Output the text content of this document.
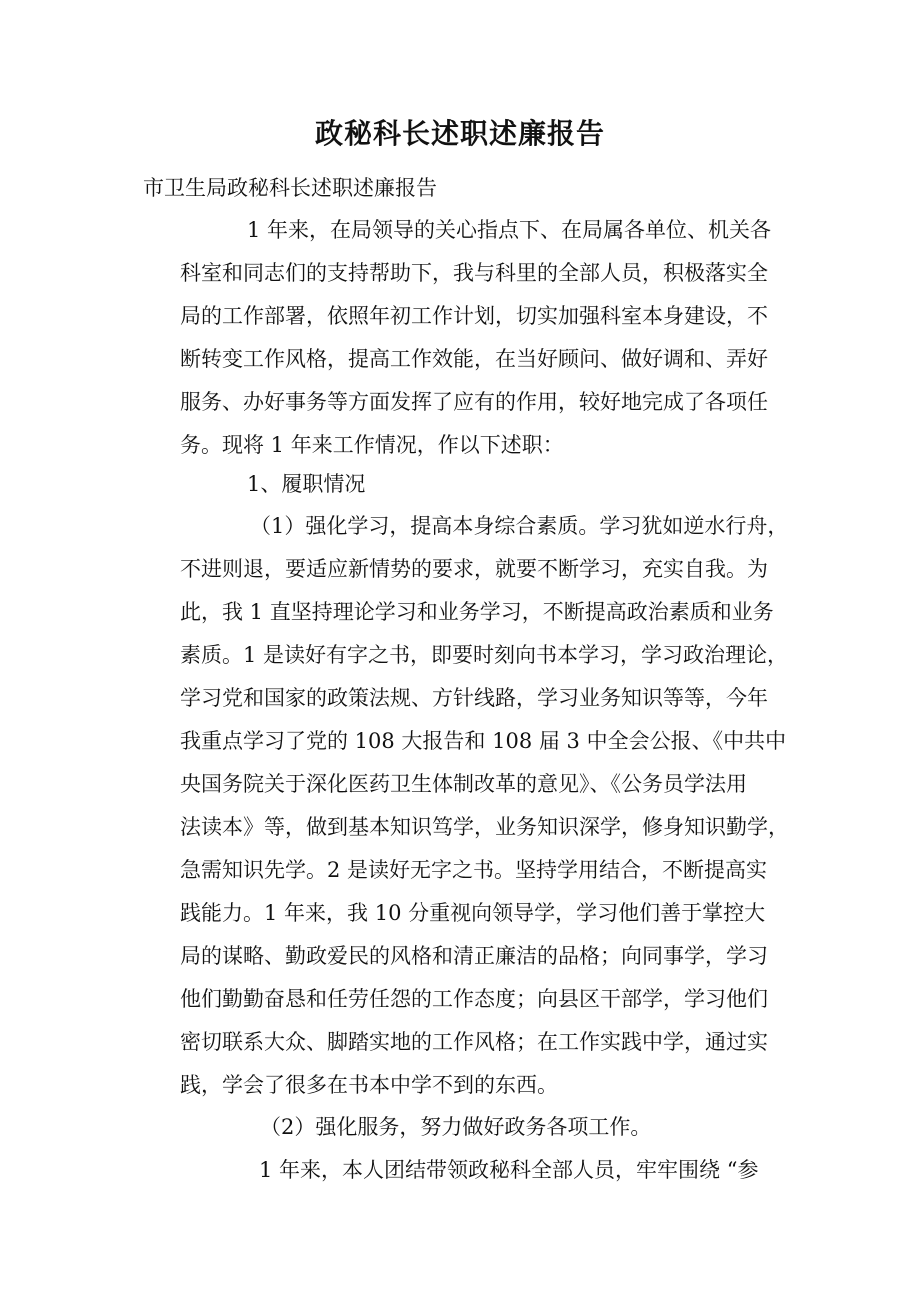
政秘科长述职述廉报告

市卫生局政秘科长述职述廉报告

1 年来，在局领导的关心指点下、在局属各单位、机关各

科室和同志们的支持帮助下，我与科里的全部人员，积极落实全

局的工作部署，依照年初工作计划，切实加强科室本身建设，不

断转变工作风格，提高工作效能，在当好顾问、做好调和、弄好

服务、办好事务等方面发挥了应有的作用，较好地完成了各项任

务。现将 1 年来工作情况，作以下述职：

1、履职情况

（1）强化学习，提高本身综合素质。学习犹如逆水行舟，

不进则退，要适应新情势的要求，就要不断学习，充实自我。为

此，我 1 直坚持理论学习和业务学习，不断提高政治素质和业务

素质。1 是读好有字之书，即要时刻向书本学习，学习政治理论，

学习党和国家的政策法规、方针线路，学习业务知识等等，今年

我重点学习了党的 108 大报告和 108 届 3 中全会公报、《中共中

央国务院关于深化医药卫生体制改革的意见》、《公务员学法用

法读本》等，做到基本知识笃学，业务知识深学，修身知识勤学，

急需知识先学。2 是读好无字之书。坚持学用结合，不断提高实

践能力。1 年来，我 10 分重视向领导学，学习他们善于掌控大

局的谋略、勤政爱民的风格和清正廉洁的品格；向同事学，学习

他们勤勤奋恳和任劳任怨的工作态度；向县区干部学，学习他们

密切联系大众、脚踏实地的工作风格；在工作实践中学，通过实

践，学会了很多在书本中学不到的东西。

（2）强化服务，努力做好政务各项工作。

1 年来，本人团结带领政秘科全部人员，牢牢围绕 “参
